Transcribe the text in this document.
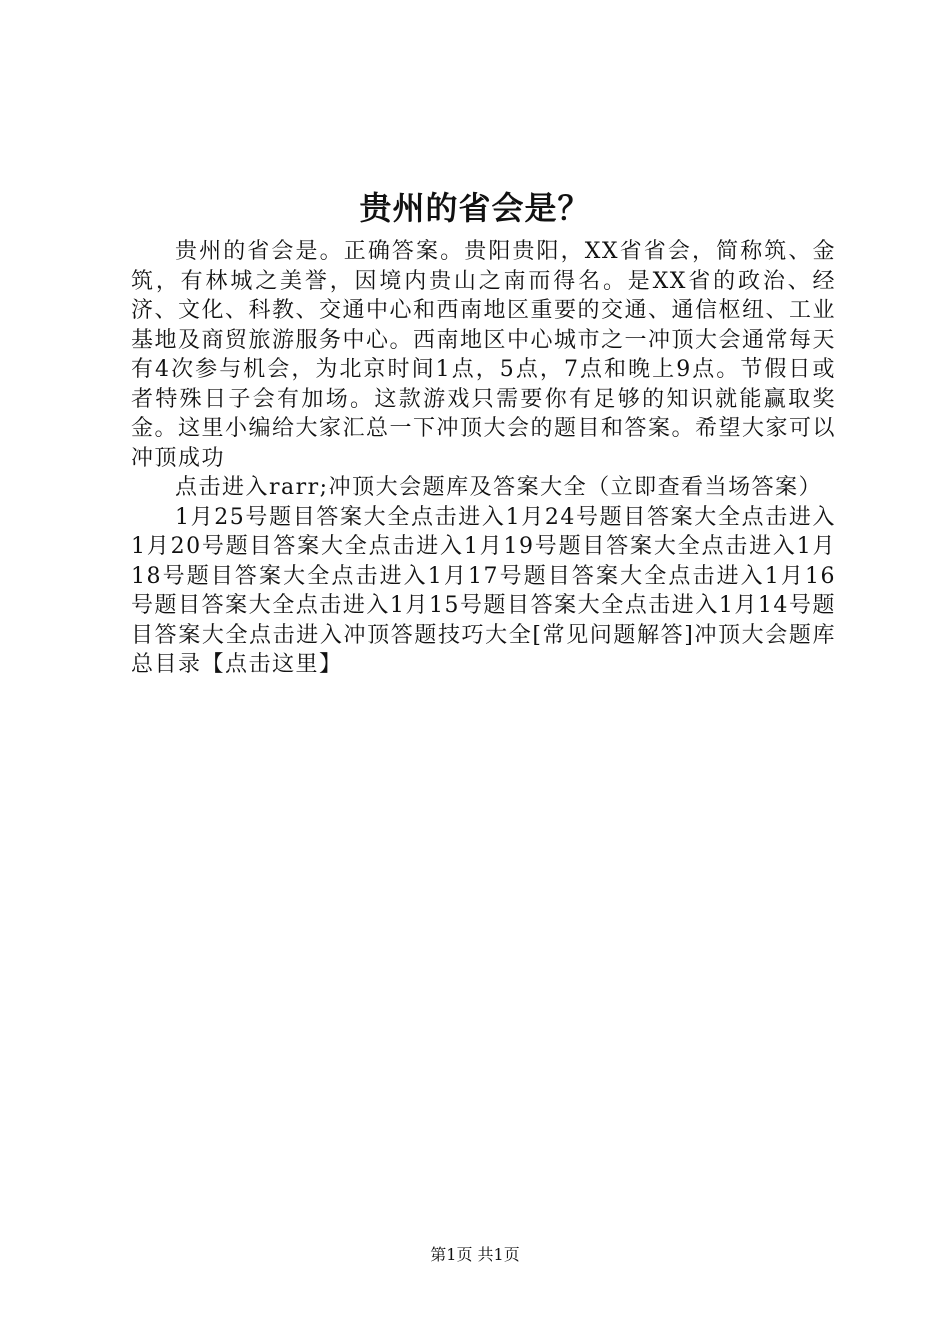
贵州的省会是？

贵州的省会是。正确答案。贵阳贵阳，XX省省会，简称筑、金筑，有林城之美誉，因境内贵山之南而得名。是XX省的政治、经济、文化、科教、交通中心和西南地区重要的交通、通信枢纽、工业基地及商贸旅游服务中心。西南地区中心城市之一冲顶大会通常每天有4次参与机会，为北京时间1点，5点，7点和晚上9点。节假日或者特殊日子会有加场。这款游戏只需要你有足够的知识就能赢取奖金。这里小编给大家汇总一下冲顶大会的题目和答案。希望大家可以冲顶成功

点击进入rarr;冲顶大会题库及答案大全（立即查看当场答案）

1月25号题目答案大全点击进入1月24号题目答案大全点击进入1月20号题目答案大全点击进入1月19号题目答案大全点击进入1月18号题目答案大全点击进入1月17号题目答案大全点击进入1月16号题目答案大全点击进入1月15号题目答案大全点击进入1月14号题目答案大全点击进入冲顶答题技巧大全[常见问题解答]冲顶大会题库总目录【点击这里】

第1页 共1页
